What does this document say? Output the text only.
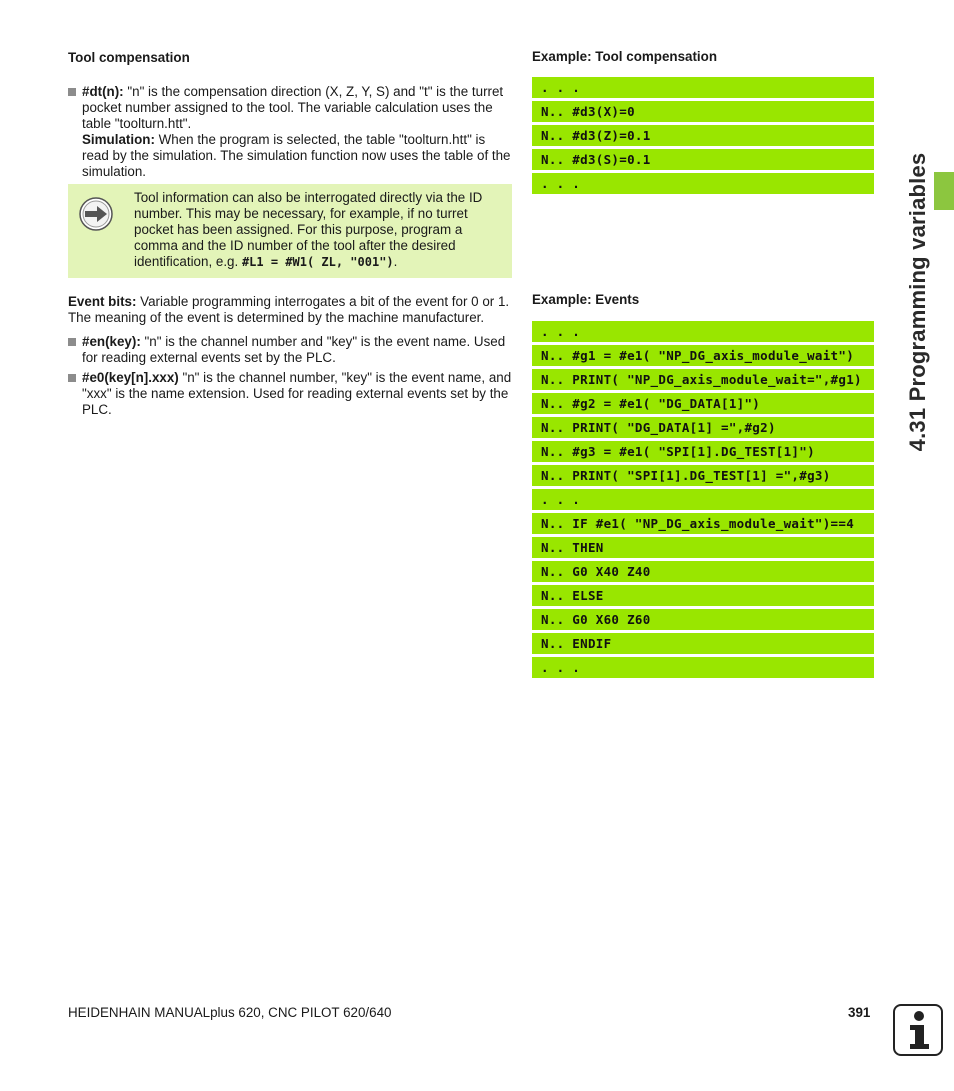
Tool compensation

#dt(n): "n" is the compensation direction (X, Z, Y, S) and "t" is the turret pocket number assigned to the tool. The variable calculation uses the table "toolturn.htt".
Simulation: When the program is selected, the table "toolturn.htt" is read by the simulation. The simulation function now uses the table of the simulation.
Tool information can also be interrogated directly via the ID number. This may be necessary, for example, if no turret pocket has been assigned. For this purpose, program a comma and the ID number of the tool after the desired identification, e.g. #L1 = #W1( ZL, "001").

Event bits: Variable programming interrogates a bit of the event for 0 or 1. The meaning of the event is determined by the machine manufacturer.

#en(key): "n" is the channel number and "key" is the event name. Used for reading external events set by the PLC.
#e0(key[n].xxx) "n" is the channel number, "key" is the event name, and "xxx" is the name extension. Used for reading external events set by the PLC.

Example: Tool compensation

. . .
N.. #d3(X)=0
N.. #d3(Z)=0.1
N.. #d3(S)=0.1
. . .

Example: Events

. . .
N.. #g1 = #e1( "NP_DG_axis_module_wait")
N.. PRINT( "NP_DG_axis_module_wait=",#g1)
N.. #g2 = #e1( "DG_DATA[1]")
N.. PRINT( "DG_DATA[1] =",#g2)
N.. #g3 = #e1( "SPI[1].DG_TEST[1]")
N.. PRINT( "SPI[1].DG_TEST[1] =",#g3)
. . .
N.. IF #e1( "NP_DG_axis_module_wait")==4
N.. THEN
N.. G0 X40 Z40
N.. ELSE
N.. G0 X60 Z60
N.. ENDIF
. . .
4.31 Programming variables
HEIDENHAIN MANUALplus 620, CNC PILOT 620/640	391
